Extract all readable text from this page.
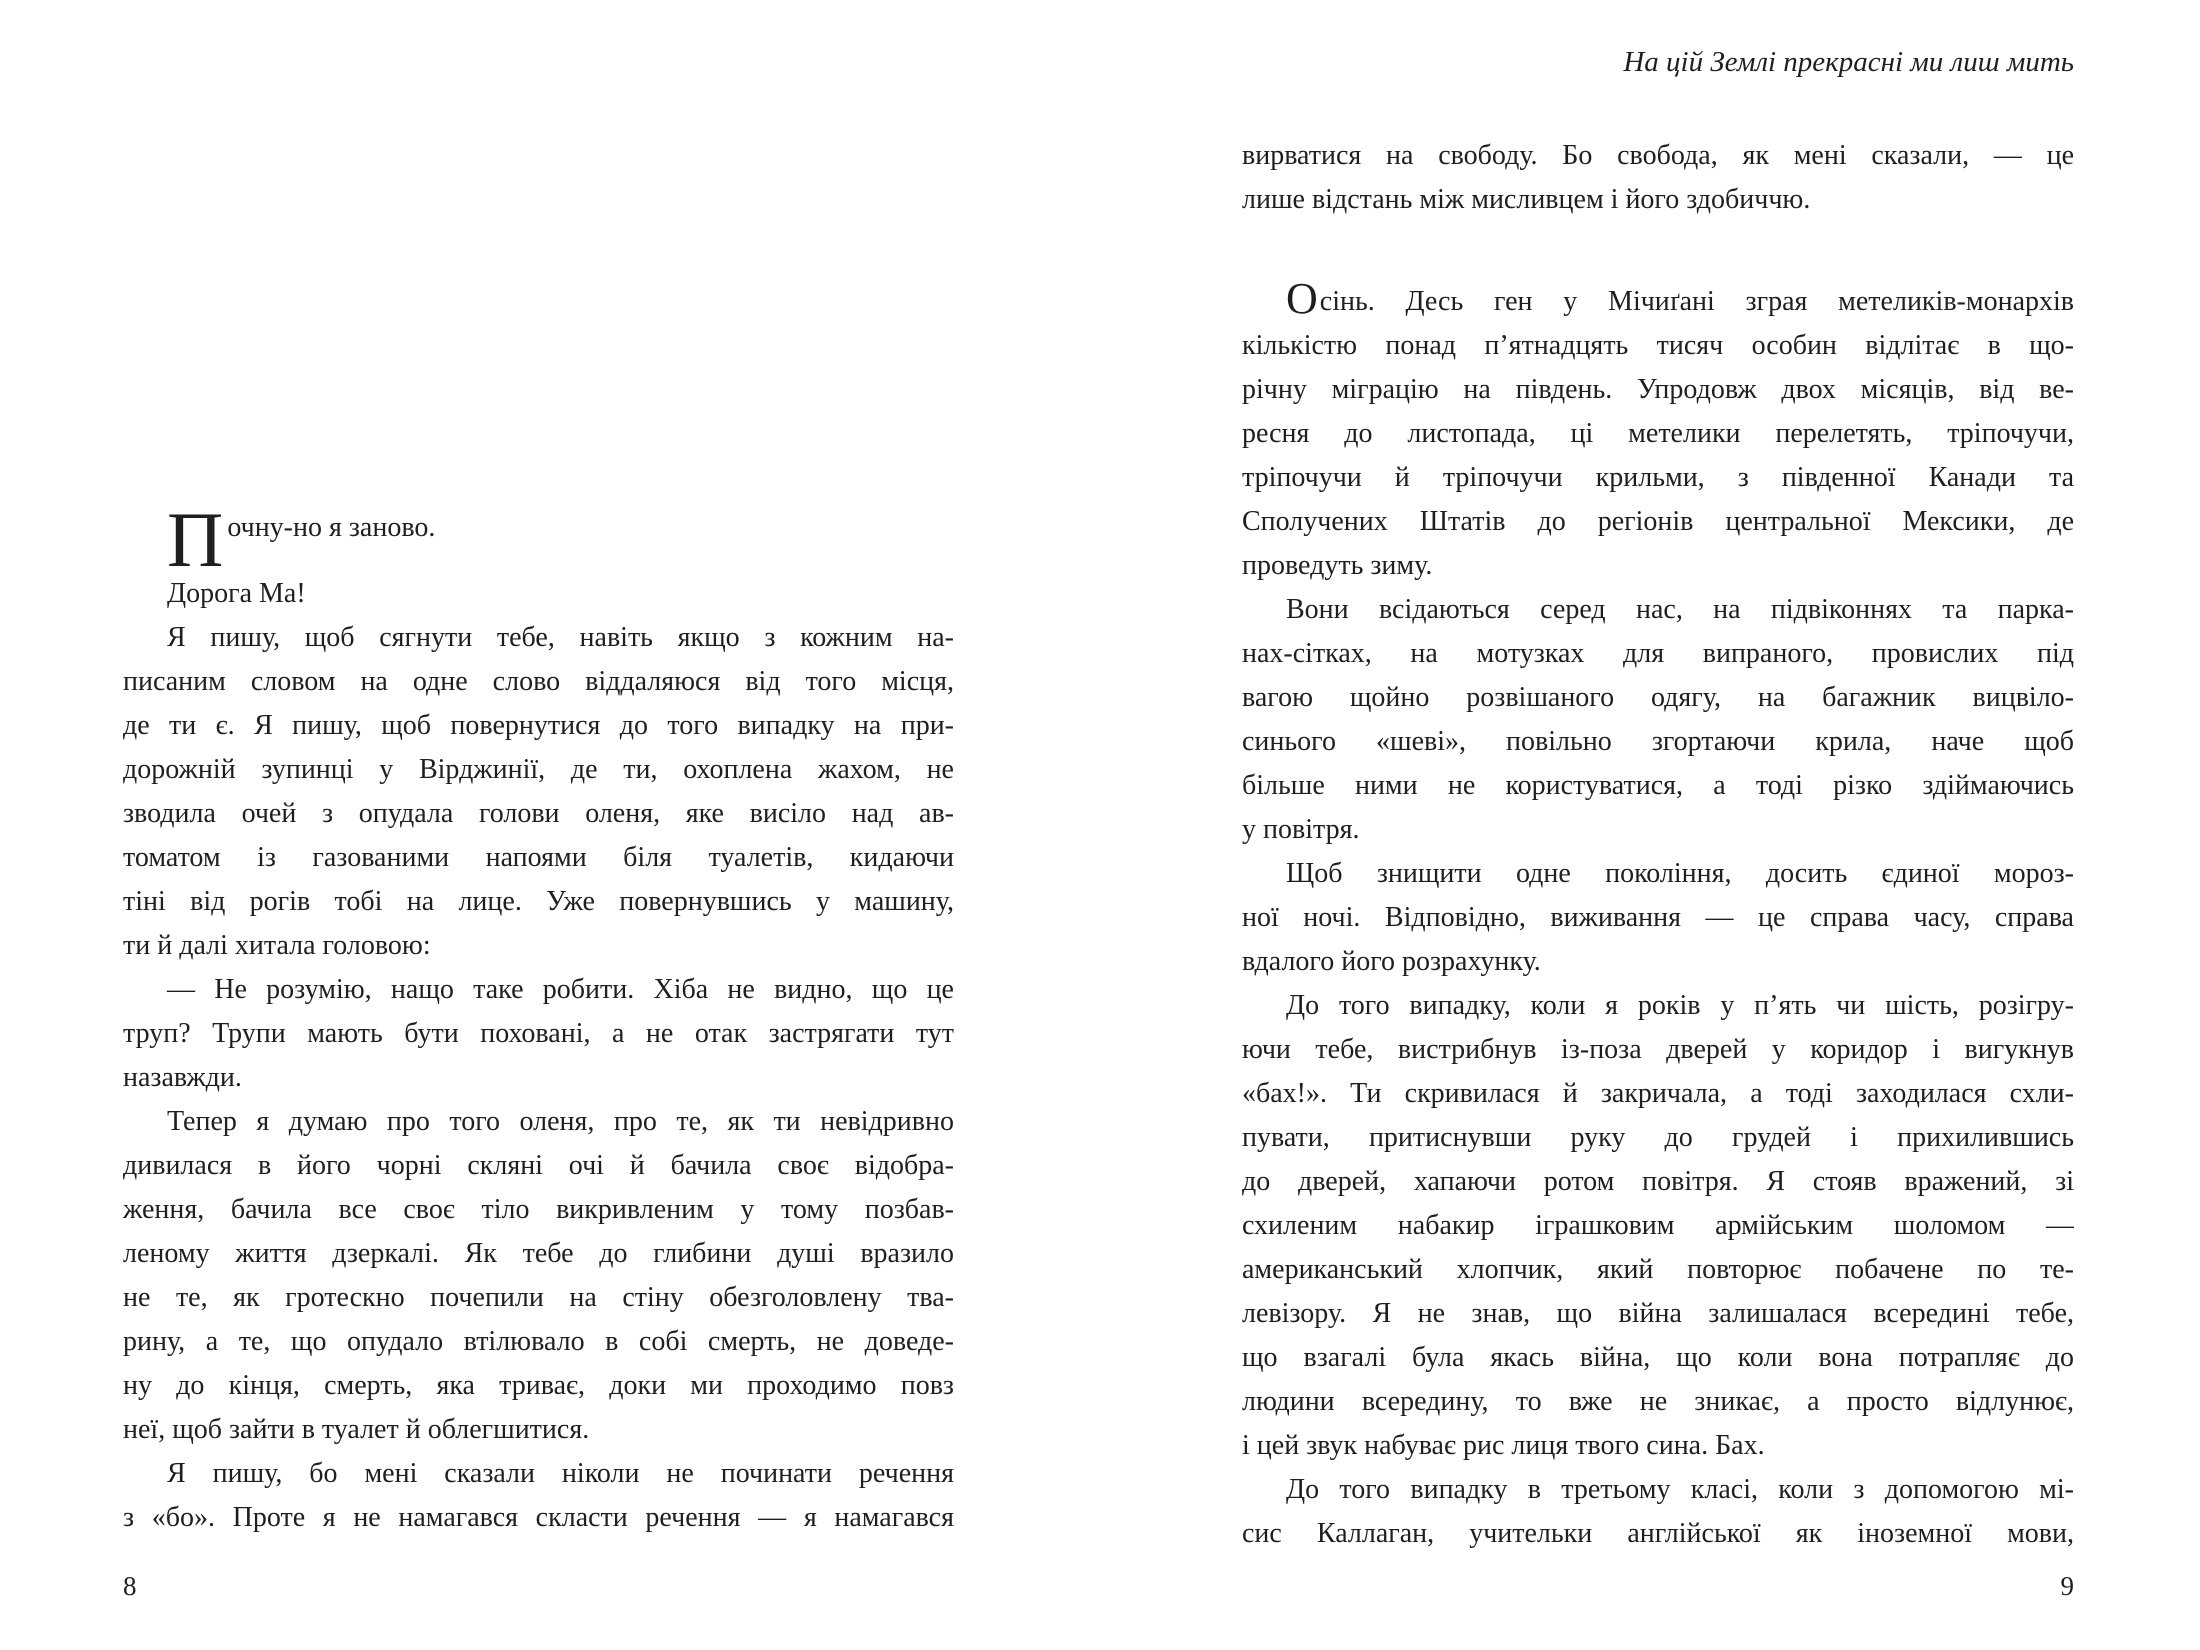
На цій Землі прекрасні ми лиш мить
Почну-но я заново.
Дорога Ма!
Я пишу, щоб сягнути тебе, навіть якщо з кожним на-
писаним словом на одне слово віддаляюся від того місця,
де ти є. Я пишу, щоб повернутися до того випадку на при-
дорожній зупинці у Вірджинії, де ти, охоплена жахом, не
зводила очей з опудала голови оленя, яке висіло над ав-
томатом із газованими напоями біля туалетів, кидаючи
тіні від рогів тобі на лице. Уже повернувшись у машину,
ти й далі хитала головою:
— Не розумію, нащо таке робити. Хіба не видно, що це
труп? Трупи мають бути поховані, а не отак застрягати тут
назавжди.
Тепер я думаю про того оленя, про те, як ти невідривно
дивилася в його чорні скляні очі й бачила своє відобра-
ження, бачила все своє тіло викривленим у тому позбав-
леному життя дзеркалі. Як тебе до глибини душі вразило
не те, як гротескно почепили на стіну обезголовлену тва-
рину, а те, що опудало втілювало в собі смерть, не доведе-
ну до кінця, смерть, яка триває, доки ми проходимо повз
неї, щоб зайти в туалет й облегшитися.
Я пишу, бо мені сказали ніколи не починати речення
з «бо». Проте я не намагався скласти речення — я намагався
вирватися на свободу. Бо свобода, як мені сказали, — це
лише відстань між мисливцем і його здобиччю.
Осінь. Десь ген у Мічиґані зграя метеликів-монархів
кількістю понад п’ятнадцять тисяч особин відлітає в що-
річну міграцію на південь. Упродовж двох місяців, від ве-
ресня до листопада, ці метелики перелетять, тріпочучи,
тріпочучи й тріпочучи крильми, з південної Канади та
Сполучених Штатів до регіонів центральної Мексики, де
проведуть зиму.
Вони всідаються серед нас, на підвіконнях та парка-
нах-сітках, на мотузках для випраного, провислих під
вагою щойно розвішаного одягу, на багажник вицвіло-
синього «шеві», повільно згортаючи крила, наче щоб
більше ними не користуватися, а тоді різко здіймаючись
у повітря.
Щоб знищити одне покоління, досить єдиної мороз-
ної ночі. Відповідно, виживання — це справа часу, справа
вдалого його розрахунку.
До того випадку, коли я років у п’ять чи шість, розігру-
ючи тебе, вистрибнув із-поза дверей у коридор і вигукнув
«бах!». Ти скривилася й закричала, а тоді заходилася схли-
пувати, притиснувши руку до грудей і прихилившись
до дверей, хапаючи ротом повітря. Я стояв вражений, зі
схиленим набакир іграшковим армійським шоломом —
американський хлопчик, який повторює побачене по те-
левізору. Я не знав, що війна залишалася всередині тебе,
що взагалі була якась війна, що коли вона потрапляє до
людини всередину, то вже не зникає, а просто відлунює,
і цей звук набуває рис лиця твого сина. Бах.
До того випадку в третьому класі, коли з допомогою мі-
сис Каллаган, учительки англійської як іноземної мови,
8	9
